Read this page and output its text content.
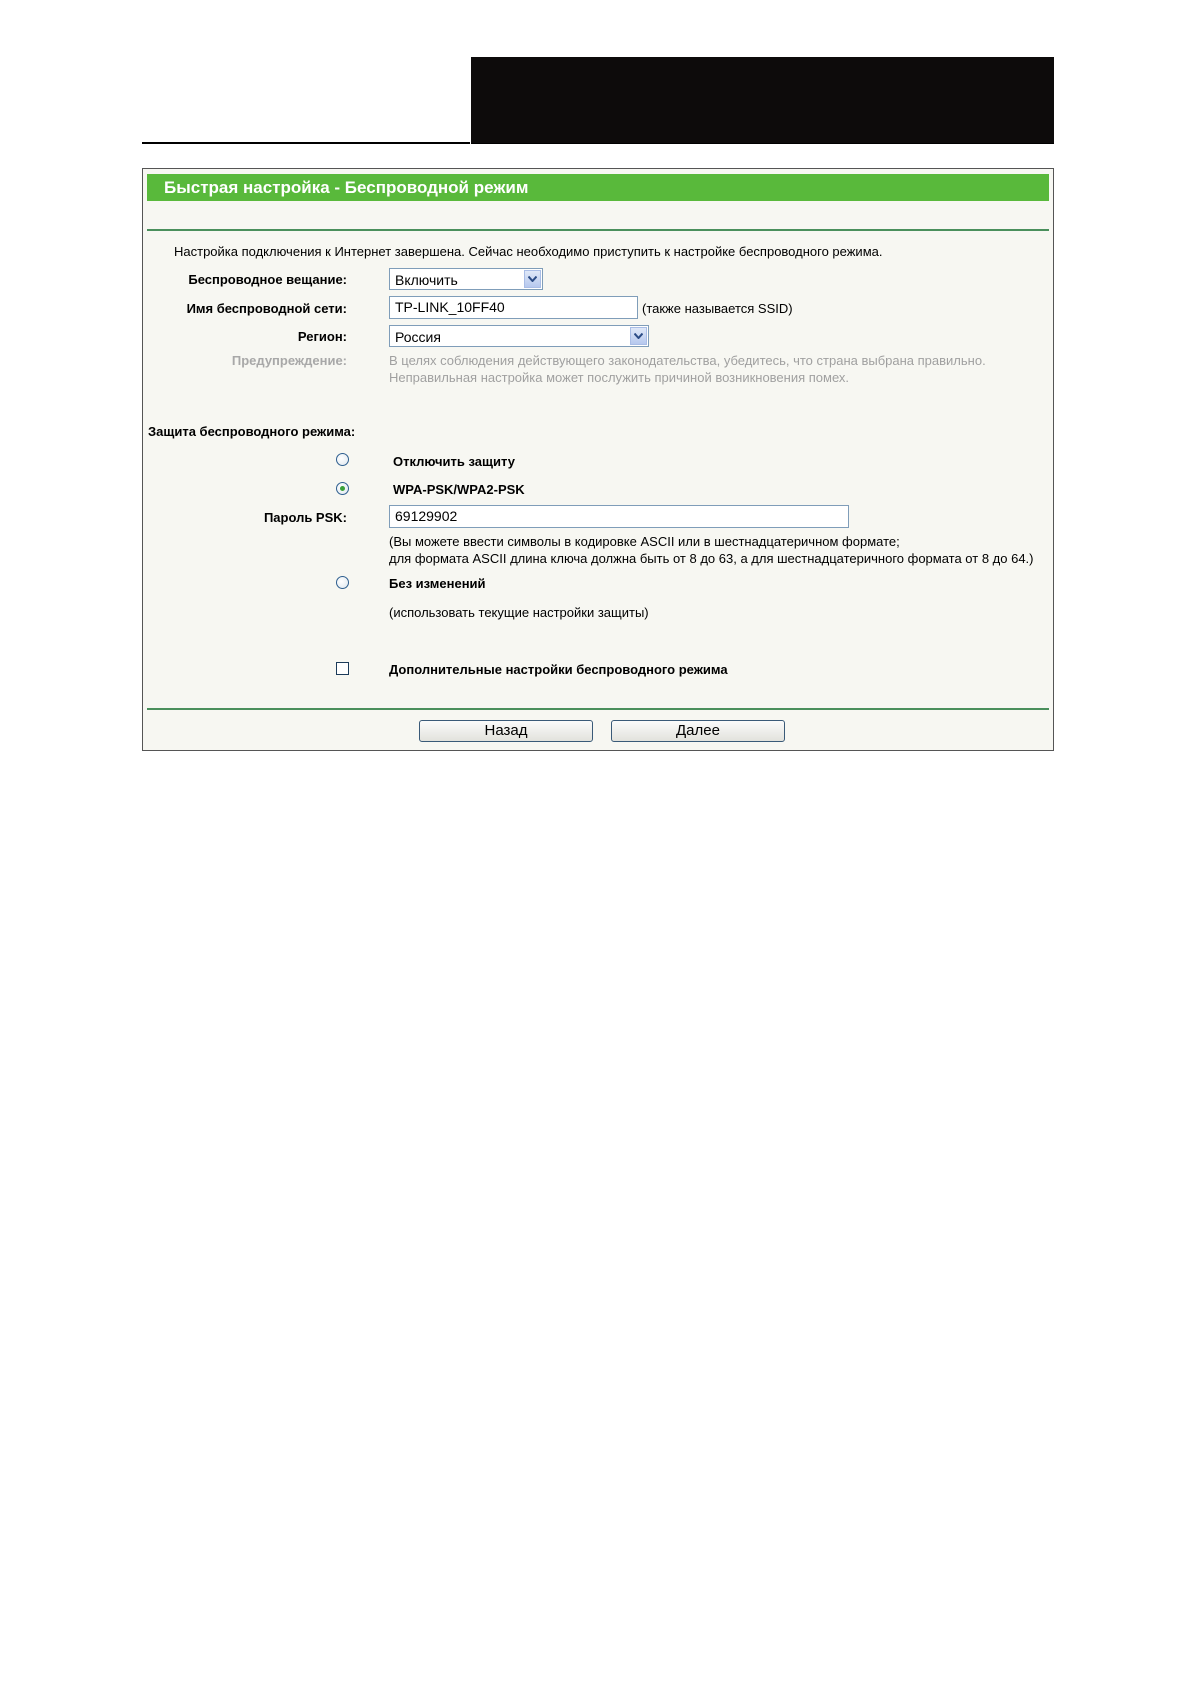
Быстрая настройка - Беспроводной режим
Настройка подключения к Интернет завершена. Сейчас необходимо приступить к настройке беспроводного режима.
Беспроводное вещание:	Включить
Имя беспроводной сети:	TP-LINK_10FF40	(также называется SSID)
Регион:	Россия
Предупреждение:	В целях соблюдения действующего законодательства, убедитесь, что страна выбрана правильно.
Неправильная настройка может послужить причиной возникновения помех.
Защита беспроводного режима:
Отключить защиту
WPA-PSK/WPA2-PSK
Пароль PSK:	69129902
(Вы можете ввести символы в кодировке ASCII или в шестнадцатеричном формате;
для формата ASCII длина ключа должна быть от 8 до 63, а для шестнадцатеричного формата от 8 до 64.)
Без изменений
(использовать текущие настройки защиты)
Дополнительные настройки беспроводного режима
Назад	Далее
